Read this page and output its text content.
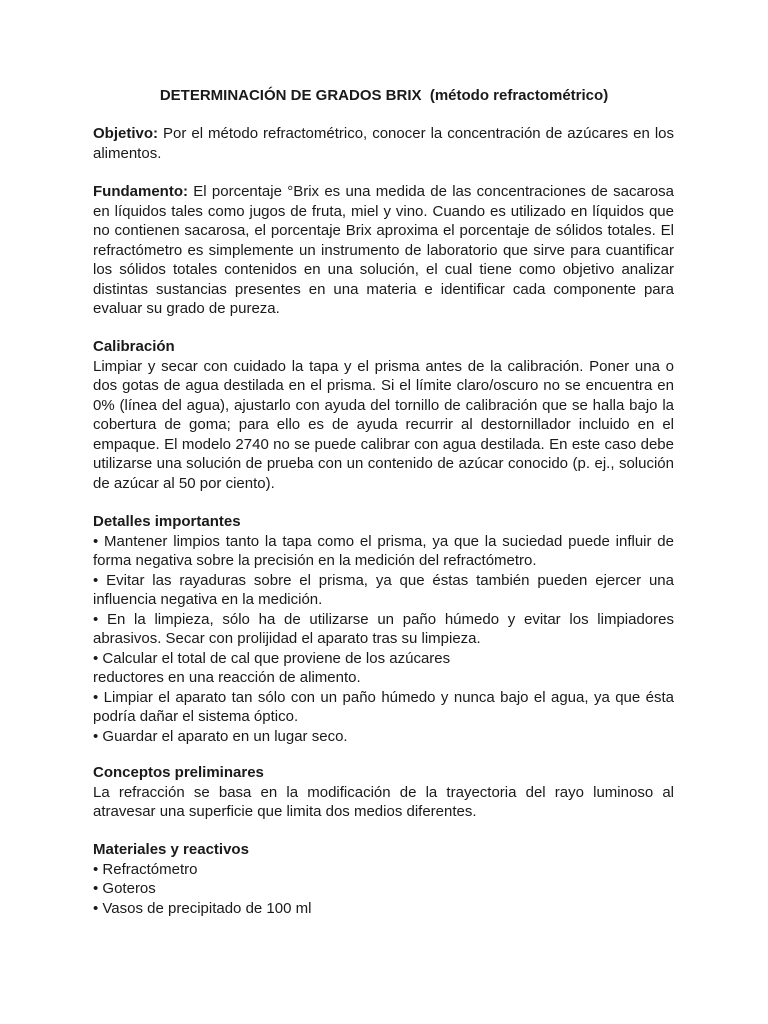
DETERMINACIÓN DE GRADOS BRIX  (método refractométrico)
Objetivo: Por el método refractométrico, conocer la concentración de azúcares en los alimentos.
Fundamento: El porcentaje °Brix es una medida de las concentraciones de sacarosa en líquidos tales como jugos de fruta, miel y vino. Cuando es utilizado en líquidos que no contienen sacarosa, el porcentaje Brix aproxima el porcentaje de sólidos totales. El refractómetro es simplemente un instrumento de laboratorio que sirve para cuantificar los sólidos totales contenidos en una solución, el cual tiene como objetivo analizar distintas sustancias presentes en una materia e identificar cada componente para evaluar su grado de pureza.
Calibración
Limpiar y secar con cuidado la tapa y el prisma antes de la calibración. Poner una o dos gotas de agua destilada en el prisma. Si el límite claro/oscuro no se encuentra en 0% (línea del agua), ajustarlo con ayuda del tornillo de calibración que se halla bajo la cobertura de goma; para ello es de ayuda recurrir al destornillador incluido en el empaque. El modelo 2740 no se puede calibrar con agua destilada. En este caso debe utilizarse una solución de prueba con un contenido de azúcar conocido (p. ej., solución de azúcar al 50 por ciento).
Detalles importantes
• Mantener limpios tanto la tapa como el prisma, ya que la suciedad puede influir de forma negativa sobre la precisión en la medición del refractómetro.
• Evitar las rayaduras sobre el prisma, ya que éstas también pueden ejercer una influencia negativa en la medición.
• En la limpieza, sólo ha de utilizarse un paño húmedo y evitar los limpiadores abrasivos. Secar con prolijidad el aparato tras su limpieza.
• Calcular el total de cal que proviene de los azúcares
reductores en una reacción de alimento.
• Limpiar el aparato tan sólo con un paño húmedo y nunca bajo el agua, ya que ésta podría dañar el sistema óptico.
• Guardar el aparato en un lugar seco.
Conceptos preliminares
La refracción se basa en la modificación de la trayectoria del rayo luminoso al atravesar una superficie que limita dos medios diferentes.
Materiales y reactivos
• Refractómetro
• Goteros
• Vasos de precipitado de 100 ml
